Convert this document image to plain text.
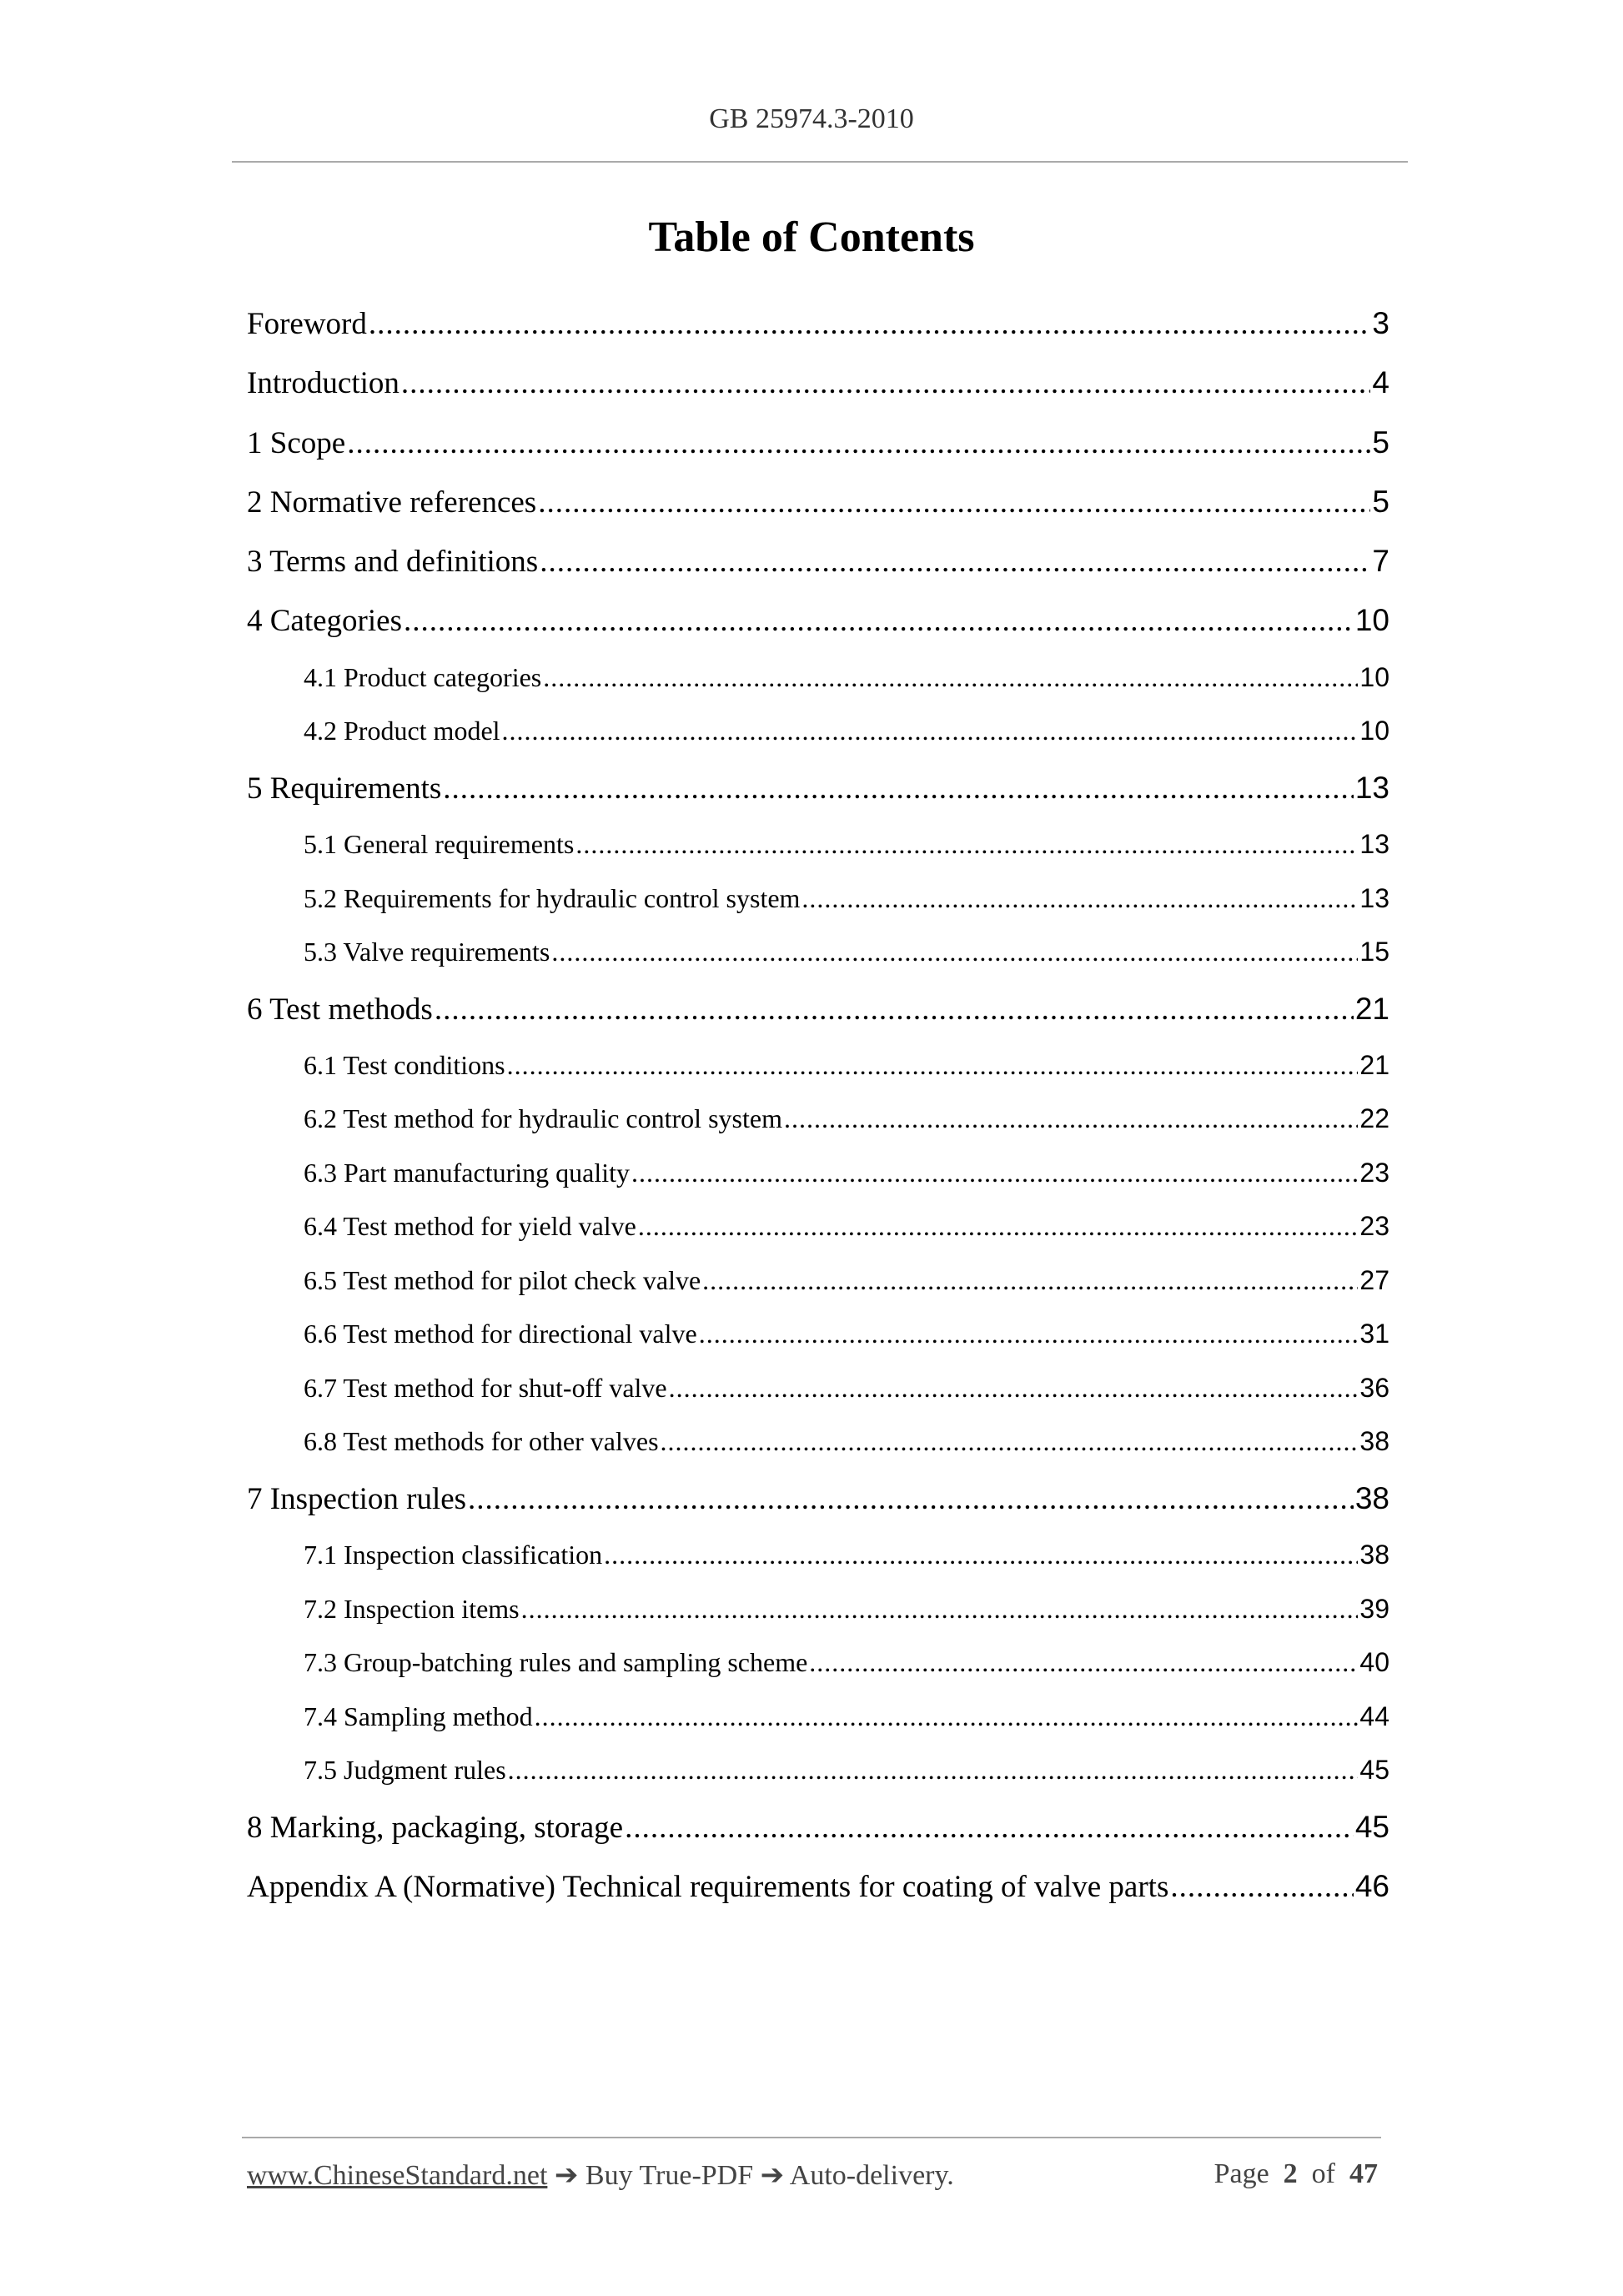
GB 25974.3-2010
Table of Contents
Foreword .....	3
Introduction .....	4
1 Scope .....	5
2 Normative references .....	5
3 Terms and definitions .....	7
4 Categories .....	10
4.1 Product categories .....	10
4.2 Product model .....	10
5 Requirements .....	13
5.1 General requirements .....	13
5.2 Requirements for hydraulic control system .....	13
5.3 Valve requirements .....	15
6 Test methods .....	21
6.1 Test conditions .....	21
6.2 Test method for hydraulic control system .....	22
6.3 Part manufacturing quality .....	23
6.4 Test method for yield valve .....	23
6.5 Test method for pilot check valve .....	27
6.6 Test method for directional valve .....	31
6.7 Test method for shut-off valve .....	36
6.8 Test methods for other valves .....	38
7 Inspection rules .....	38
7.1 Inspection classification .....	38
7.2 Inspection items .....	39
7.3 Group-batching rules and sampling scheme .....	40
7.4 Sampling method .....	44
7.5 Judgment rules .....	45
8 Marking, packaging, storage .....	45
Appendix A (Normative) Technical requirements for coating of valve parts .....	46
www.ChineseStandard.net ➔ Buy True-PDF ➔ Auto-delivery.	Page 2 of 47
